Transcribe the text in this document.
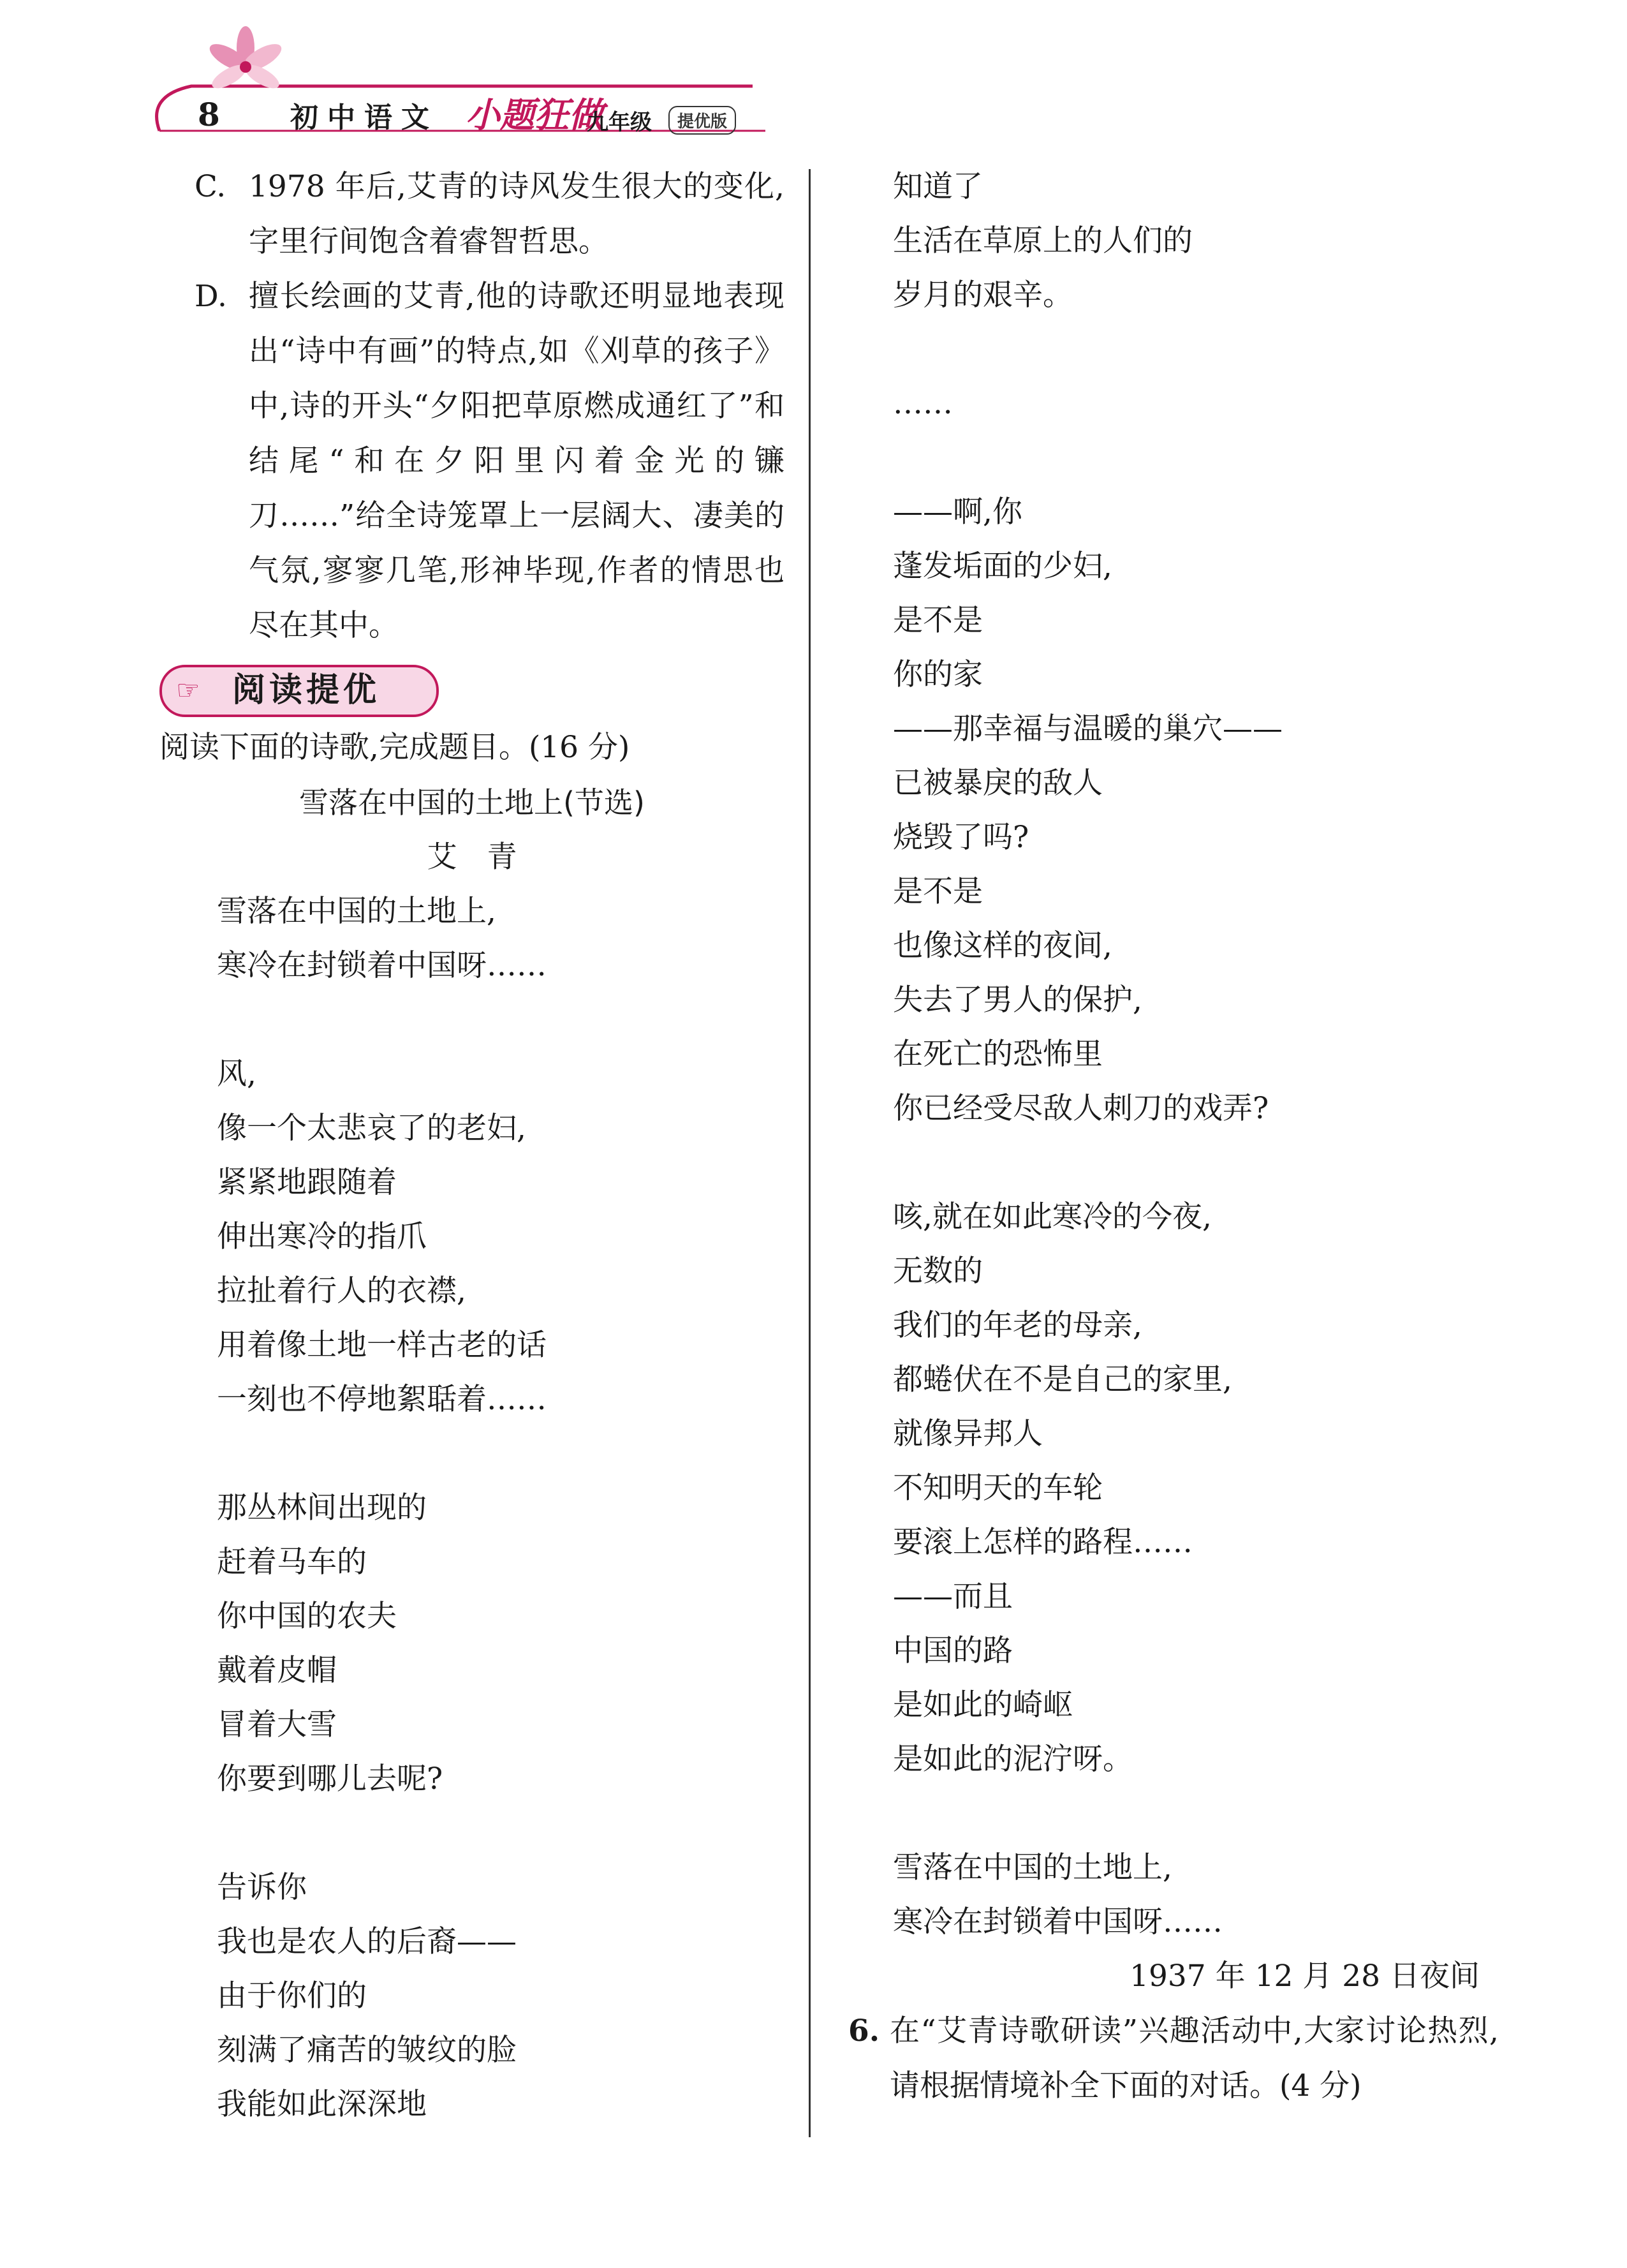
8	初中语文 小题狂做
九年级	提优版
C. 1978 年后,艾青的诗风发生很大的变化,字里行间饱含着睿智哲思。
D. 擅长绘画的艾青,他的诗歌还明显地表现出“诗中有画”的特点,如《刈草的孩子》中,诗的开头“夕阳把草原燃成通红了”和结尾“和在夕阳里闪着金光的镰刀……”给全诗笼罩上一层阔大、凄美的气氛,寥寥几笔,形神毕现,作者的情思也尽在其中。
☞ 阅读提优
阅读下面的诗歌,完成题目。(16 分)
雪落在中国的土地上(节选)
艾　青
雪落在中国的土地上,
寒冷在封锁着中国呀……
风,
像一个太悲哀了的老妇,
紧紧地跟随着
伸出寒冷的指爪
拉扯着行人的衣襟,
用着像土地一样古老的话
一刻也不停地絮聒着……
那丛林间出现的
赶着马车的
你中国的农夫
戴着皮帽
冒着大雪
你要到哪儿去呢?
告诉你
我也是农人的后裔——
由于你们的
刻满了痛苦的皱纹的脸
我能如此深深地
知道了
生活在草原上的人们的
岁月的艰辛。
……
——啊,你
蓬发垢面的少妇,
是不是
你的家
——那幸福与温暖的巢穴——
已被暴戾的敌人
烧毁了吗?
是不是
也像这样的夜间,
失去了男人的保护,
在死亡的恐怖里
你已经受尽敌人刺刀的戏弄?
咳,就在如此寒冷的今夜,
无数的
我们的年老的母亲,
都蜷伏在不是自己的家里,
就像异邦人
不知明天的车轮
要滚上怎样的路程……
——而且
中国的路
是如此的崎岖
是如此的泥泞呀。
雪落在中国的土地上,
寒冷在封锁着中国呀……
1937 年 12 月 28 日夜间
6. 在“艾青诗歌研读”兴趣活动中,大家讨论热烈,请根据情境补全下面的对话。(4 分)
